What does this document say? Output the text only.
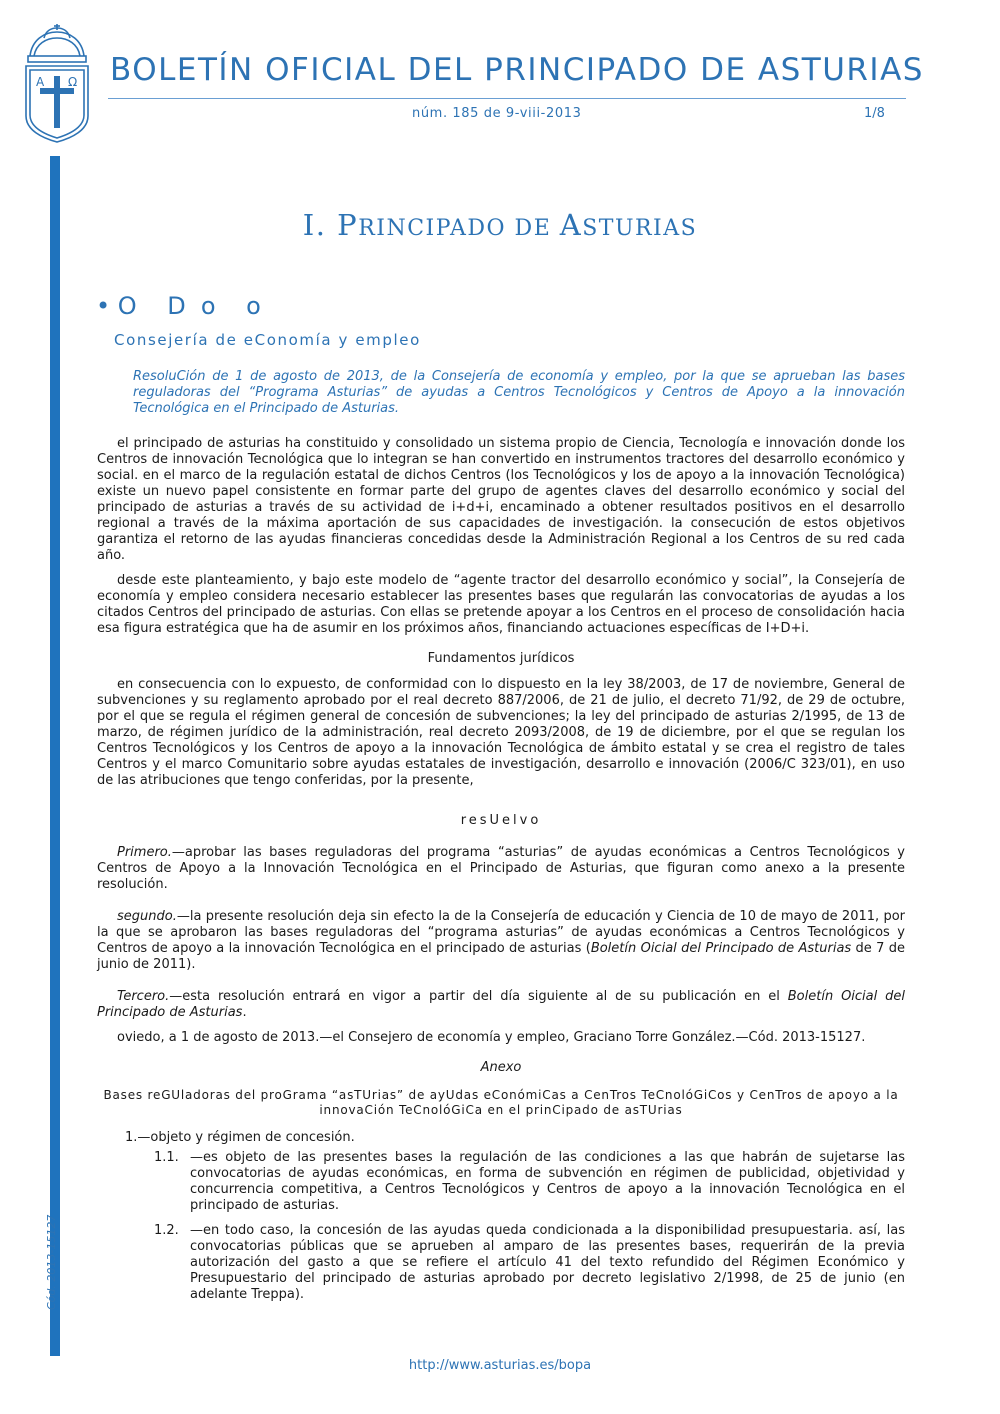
A Ω BOLETÍN OFICIAL DEL PRINCIPADO DE ASTURIAS
núm. 185 de 9-viii-2013	1/8
Cód. 2013-15127
I. PRINCIPADO DE ASTURIAS
• O    D  o    o
Consejería de eConomía y empleo

ResoluCión de 1 de agosto de 2013, de la Consejería de economía y empleo, por la que se aprueban las bases reguladoras del “Programa Asturias” de ayudas a Centros Tecnológicos y Centros de Apoyo a la innovación Tecnológica en el Principado de Asturias.

el principado de asturias ha constituido y consolidado un sistema propio de Ciencia, Tecnología e innovación donde los Centros de innovación Tecnológica que lo integran se han convertido en instrumentos tractores del desarrollo económico y social. en el marco de la regulación estatal de dichos Centros (los Tecnológicos y los de apoyo a la innovación Tecnológica) existe un nuevo papel consistente en formar parte del grupo de agentes claves del desarrollo económico y social del principado de asturias a través de su actividad de i+d+i, encaminado a obtener resultados positivos en el desarrollo regional a través de la máxima aportación de sus capacidades de investigación. la consecución de estos objetivos garantiza el retorno de las ayudas financieras concedidas desde la Administración Regional a los Centros de su red cada año.

desde este planteamiento, y bajo este modelo de “agente tractor del desarrollo económico y social”, la Consejería de economía y empleo considera necesario establecer las presentes bases que regularán las convocatorias de ayudas a los citados Centros del principado de asturias. Con ellas se pretende apoyar a los Centros en el proceso de consolidación hacia esa figura estratégica que ha de asumir en los próximos años, financiando actuaciones específicas de I+D+i.

Fundamentos jurídicos

en consecuencia con lo expuesto, de conformidad con lo dispuesto en la ley 38/2003, de 17 de noviembre, General de subvenciones y su reglamento aprobado por el real decreto 887/2006, de 21 de julio, el decreto 71/92, de 29 de octubre, por el que se regula el régimen general de concesión de subvenciones; la ley del principado de asturias 2/1995, de 13 de marzo, de régimen jurídico de la administración, real decreto 2093/2008, de 19 de diciembre, por el que se regulan los Centros Tecnológicos y los Centros de apoyo a la innovación Tecnológica de ámbito estatal y se crea el registro de tales Centros y el marco Comunitario sobre ayudas estatales de investigación, desarrollo e innovación (2006/C 323/01), en uso de las atribuciones que tengo conferidas, por la presente,

resUelvo

Primero.—aprobar las bases reguladoras del programa “asturias” de ayudas económicas a Centros Tecnológicos y Centros de Apoyo a la Innovación Tecnológica en el Principado de Asturias, que figuran como anexo a la presente resolución.

segundo.—la presente resolución deja sin efecto la de la Consejería de educación y Ciencia de 10 de mayo de 2011, por la que se aprobaron las bases reguladoras del “programa asturias” de ayudas económicas a Centros Tecnológicos y Centros de apoyo a la innovación Tecnológica en el principado de asturias (Boletín Oicial del Principado de Asturias de 7 de junio de 2011).

Tercero.—esta resolución entrará en vigor a partir del día siguiente al de su publicación en el Boletín Oicial del Principado de Asturias.

oviedo, a 1 de agosto de 2013.—el Consejero de economía y empleo, Graciano Torre González.—Cód. 2013-15127.

Anexo

Bases reGUladoras del proGrama “asTUrias” de ayUdas eConómiCas a CenTros TeCnolóGiCos y CenTros de apoyo a la innovaCión TeCnolóGiCa en el prinCipado de asTUrias

1.—objeto y régimen de concesión.
1.1. —es objeto de las presentes bases la regulación de las condiciones a las que habrán de sujetarse las convocatorias de ayudas económicas, en forma de subvención en régimen de publicidad, objetividad y concurrencia competitiva, a Centros Tecnológicos y Centros de apoyo a la innovación Tecnológica en el principado de asturias.
1.2. —en todo caso, la concesión de las ayudas queda condicionada a la disponibilidad presupuestaria. así, las convocatorias públicas que se aprueben al amparo de las presentes bases, requerirán de la previa autorización del gasto a que se refiere el artículo 41 del texto refundido del Régimen Económico y Presupuestario del principado de asturias aprobado por decreto legislativo 2/1998, de 25 de junio (en adelante Treppa).
http://www.asturias.es/bopa
